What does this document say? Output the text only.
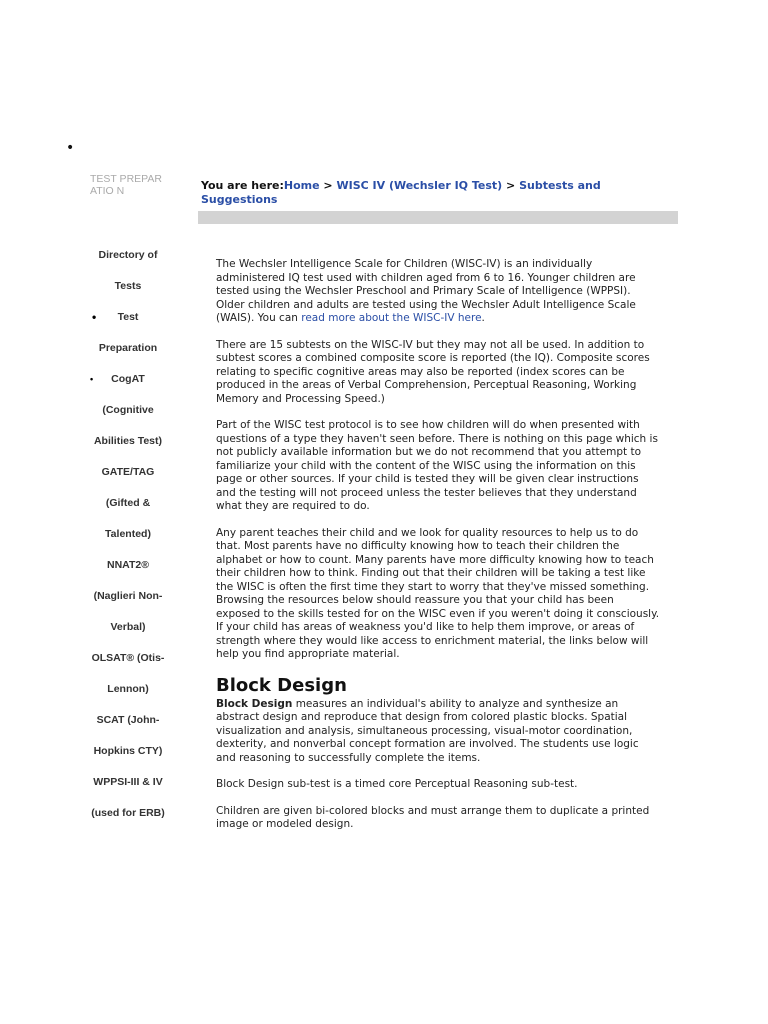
•
TEST PREPARATIO N
Directory of
Tests
• Test
Preparation
• CogAT
(Cognitive
Abilities Test)
GATE/TAG
(Gifted &
Talented)
NNAT2®
(Naglieri Non-
Verbal)
OLSAT® (Otis-
Lennon)
SCAT (John-
Hopkins CTY)
WPPSI-III & IV
(used for ERB)
You are here:Home > WISC IV (Wechsler IQ Test) > Subtests and Suggestions

The Wechsler Intelligence Scale for Children (WISC-IV) is an individually administered IQ test used with children aged from 6 to 16. Younger children are tested using the Wechsler Preschool and Primary Scale of Intelligence (WPPSI). Older children and adults are tested using the Wechsler Adult Intelligence Scale (WAIS). You can read more about the WISC-IV here.

There are 15 subtests on the WISC-IV but they may not all be used. In addition to subtest scores a combined composite score is reported (the IQ). Composite scores relating to specific cognitive areas may also be reported (index scores can be produced in the areas of Verbal Comprehension, Perceptual Reasoning, Working Memory and Processing Speed.)

Part of the WISC test protocol is to see how children will do when presented with questions of a type they haven't seen before. There is nothing on this page which is not publicly available information but we do not recommend that you attempt to familiarize your child with the content of the WISC using the information on this page or other sources. If your child is tested they will be given clear instructions and the testing will not proceed unless the tester believes that they understand what they are required to do.

Any parent teaches their child and we look for quality resources to help us to do that. Most parents have no difficulty knowing how to teach their children the alphabet or how to count. Many parents have more difficulty knowing how to teach their children how to think. Finding out that their children will be taking a test like the WISC is often the first time they start to worry that they've missed something. Browsing the resources below should reassure you that your child has been exposed to the skills tested for on the WISC even if you weren't doing it consciously. If your child has areas of weakness you'd like to help them improve, or areas of strength where they would like access to enrichment material, the links below will help you find appropriate material.

Block Design

Block Design measures an individual's ability to analyze and synthesize an abstract design and reproduce that design from colored plastic blocks. Spatial visualization and analysis, simultaneous processing, visual-motor coordination, dexterity, and nonverbal concept formation are involved. The students use logic and reasoning to successfully complete the items.

Block Design sub-test is a timed core Perceptual Reasoning sub-test.

Children are given bi-colored blocks and must arrange them to duplicate a printed image or modeled design.
